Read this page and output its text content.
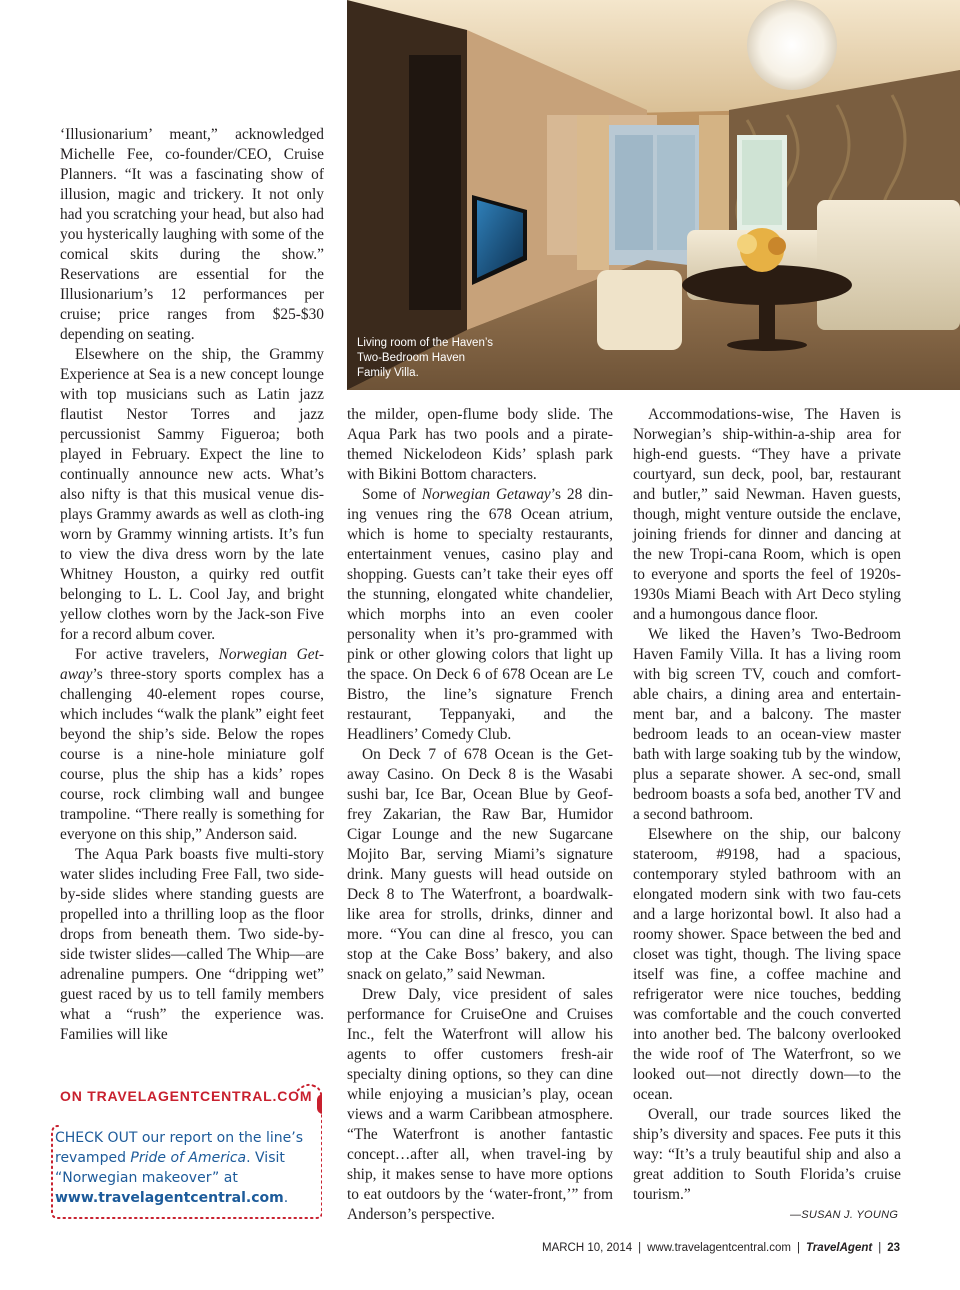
Living room of the Haven’s Two-Bedroom Haven Family Villa.

‘Illusionarium’ meant,” acknowledged Michelle Fee, co-founder/CEO, Cruise Planners. “It was a fascinating show of illusion, magic and trickery. It not only had you scratching your head, but also had you hysterically laughing with some of the comical skits during the show.” Reservations are essential for the Illusionarium’s 12 performances per cruise; price ranges from $25-$30 depending on seating.

Elsewhere on the ship, the Grammy Experience at Sea is a new concept lounge with top musicians such as Latin jazz flautist Nestor Torres and jazz percussionist Sammy Figueroa; both played in February. Expect the line to continually announce new acts. What’s also nifty is that this musical venue dis-plays Grammy awards as well as cloth-ing worn by Grammy winning artists. It’s fun to view the diva dress worn by the late Whitney Houston, a quirky red outfit belonging to L. L. Cool Jay, and bright yellow clothes worn by the Jack-son Five for a record album cover.

For active travelers, Norwegian Get-away’s three-story sports complex has a challenging 40-element ropes course, which includes “walk the plank” eight feet beyond the ship’s side. Below the ropes course is a nine-hole miniature golf course, plus the ship has a kids’ ropes course, rock climbing wall and bungee trampoline. “There really is something for everyone on this ship,” Anderson said.

The Aqua Park boasts five multi-story water slides including Free Fall, two side-by-side slides where standing guests are propelled into a thrilling loop as the floor drops from beneath them. Two side-by-side twister slides—called The Whip—are adrenaline pumpers. One “dripping wet” guest raced by us to tell family members what a “rush” the experience was. Families will like

the milder, open-flume body slide. The Aqua Park has two pools and a pirate-themed Nickelodeon Kids’ splash park with Bikini Bottom characters.

Some of Norwegian Getaway’s 28 din-ing venues ring the 678 Ocean atrium, which is home to specialty restaurants, entertainment venues, casino play and shopping. Guests can’t take their eyes off the stunning, elongated white chandelier, which morphs into an even cooler personality when it’s pro-grammed with pink or other glowing colors that light up the space. On Deck 6 of 678 Ocean are Le Bistro, the line’s signature French restaurant, Teppanyaki, and the Headliners’ Comedy Club.

On Deck 7 of 678 Ocean is the Get-away Casino. On Deck 8 is the Wasabi sushi bar, Ice Bar, Ocean Blue by Geof-frey Zakarian, the Raw Bar, Humidor Cigar Lounge and the new Sugarcane Mojito Bar, serving Miami’s signature drink. Many guests will head outside on Deck 8 to The Waterfront, a boardwalk-like area for strolls, drinks, dinner and more. “You can dine al fresco, you can stop at the Cake Boss’ bakery, and also snack on gelato,” said Newman.

Drew Daly, vice president of sales performance for CruiseOne and Cruises Inc., felt the Waterfront will allow his agents to offer customers fresh-air specialty dining options, so they can dine while enjoying a musician’s play, ocean views and a warm Caribbean atmosphere. “The Waterfront is another fantastic concept…after all, when travel-ing by ship, it makes sense to have more options to eat outdoors by the ‘water-front,’” from Anderson’s perspective.

Accommodations-wise, The Haven is Norwegian’s ship-within-a-ship area for high-end guests. “They have a private courtyard, sun deck, pool, bar, restaurant and butler,” said Newman. Haven guests, though, might venture outside the enclave, joining friends for dinner and dancing at the new Tropi-cana Room, which is open to everyone and sports the feel of 1920s-1930s Miami Beach with Art Deco styling and a humongous dance floor.

We liked the Haven’s Two-Bedroom Haven Family Villa. It has a living room with big screen TV, couch and comfort-able chairs, a dining area and entertain-ment bar, and a balcony. The master bedroom leads to an ocean-view master bath with large soaking tub by the window, plus a separate shower. A sec-ond, small bedroom boasts a sofa bed, another TV and a second bathroom.

Elsewhere on the ship, our balcony stateroom, #9198, had a spacious, contemporary styled bathroom with an elongated modern sink with two fau-cets and a large horizontal bowl. It also had a roomy shower. Space between the bed and closet was tight, though. The living space itself was fine, a coffee machine and refrigerator were nice touches, bedding was comfortable and the couch converted into another bed. The balcony overlooked the wide roof of The Waterfront, so we looked out—not directly down—to the ocean.

Overall, our trade sources liked the ship’s diversity and spaces. Fee puts it this way: “It’s a truly beautiful ship and also a great addition to South Florida’s cruise tourism.”

—SUSAN J. YOUNG
ON TRAVELAGENTCENTRAL.COM
CHECK OUT our report on the line’s revamped Pride of America. Visit “Norwegian makeover” at www.travelagentcentral.com.
MARCH 10, 2014 | www.travelagentcentral.com | TravelAgent | 23
